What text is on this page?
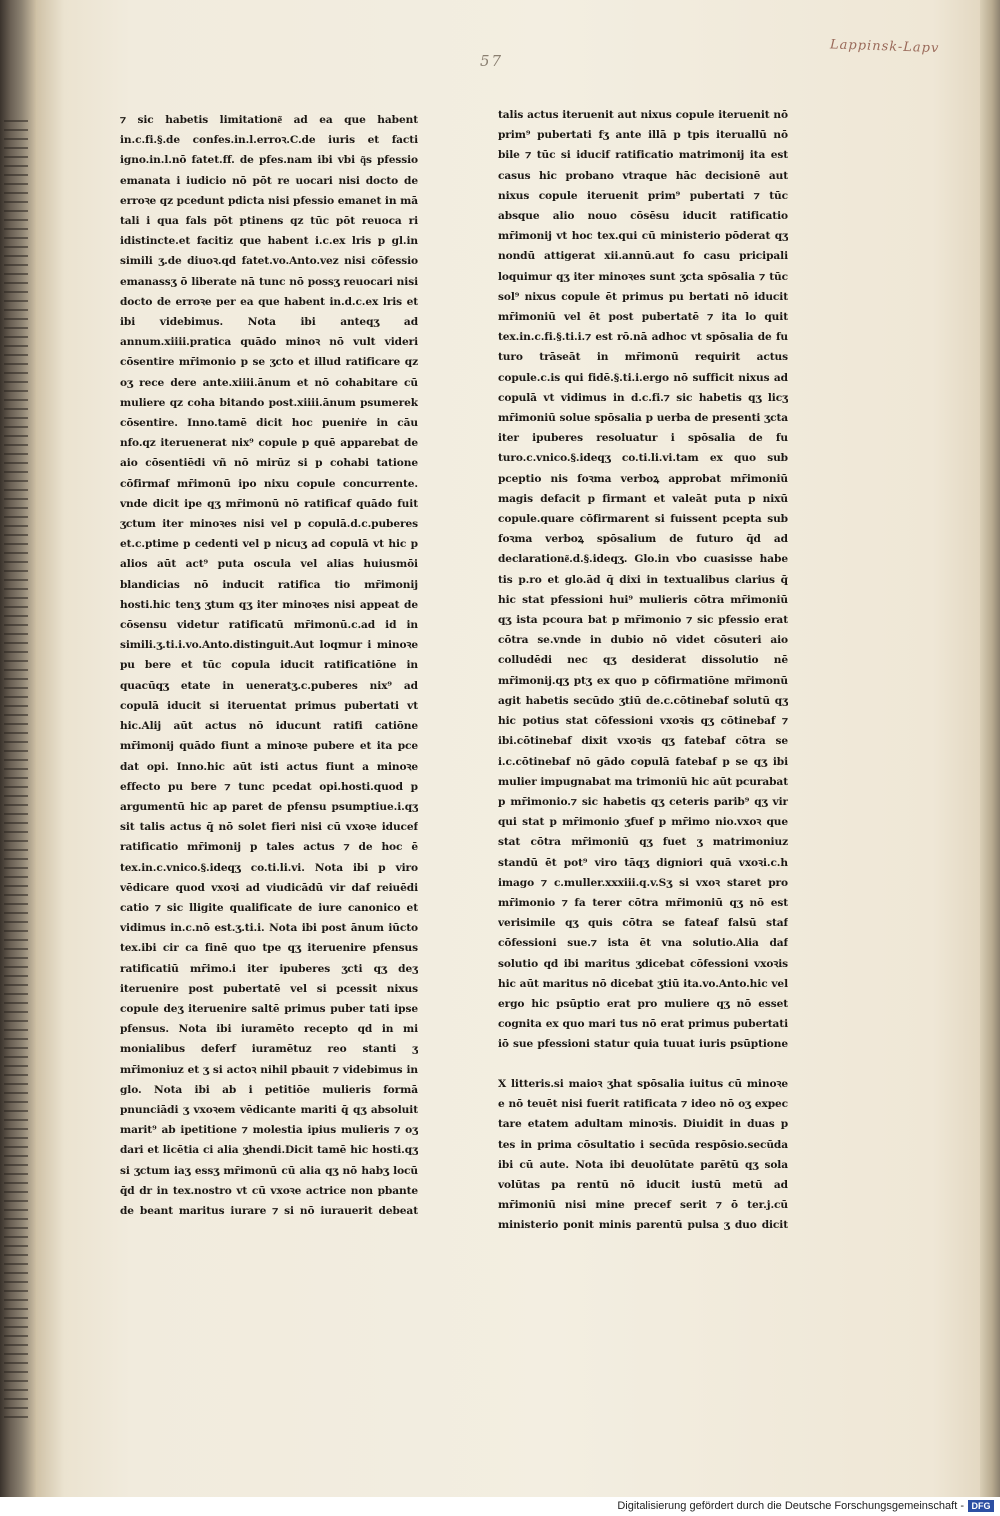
57
Lappinsk-Lapv
⁊ sic habetis limitatione͂ ad ea que habent in.c.fi.§.de confes.in.l.erroꝛ.C.de iuris et facti igno.in.l.nō fatet.ff. de pfes.nam ibi vbi q͂s pfessio emanata i iudicio nō pōt re uocari nisi docto de erroꝛe qz pcedunt pdicta nisi pfessio emanet in mā tali i qua fals pōt ptinens qz tūc pōt reuoca ri idistincte.et facitiz que habent i.c.ex lris p gl.in simili ʒ.de diuoꝛ.qd fatet.vo.Anto.vez nisi cōfessio emanassʒ ō liberate nā tunc nō possʒ reuocari nisi docto de erroꝛe per ea que habent in.d.c.ex lris et ibi videbimus. Nota ibi anteqʒ ad annum.xiiii.pratica quādo minoꝛ nō vult videri cōsentire mr̄imonio p se ʒcto et illud ratificare qz oʒ rece dere ante.xiiii.ānum et nō cohabitare cū muliere qz coha bitando post.xiiii.ānum psumerek cōsentire. Inno.tamē dicit hoc pueniṙe in cāu nfo.qz iteruenerat nix⁹ copule p quē apparebat de aio cōsentiēdi vñ nō mirūz si p cohabi tatione cōfirmaf mr̄imonū ipo nixu copule concurrente. vnde dicit ipe qʒ mr̄imonū nō ratificaf quādo fuit ʒctum iter minoꝛes nisi vel p copulā.d.c.puberes et.c.ptime p cedenti vel p nicuʒ ad copulā vt hic p alios aūt act⁹ puta oscula vel alias huiusmōi blandicias nō inducit ratifica tio mr̄imonij hosti.hic tenʒ ʒtum qʒ iter minoꝛes nisi appeat de cōsensu videtur ratificatū mr̄imonū.c.ad id in simili.ʒ.ti.i.vo.Anto.distinguit.Aut loqmur i minoꝛe pu bere et tūc copula iducit ratificatiōne in quacūqʒ etate in ueneratʒ.c.puberes nix⁹ ad copulā iducit si iteruentat primus pubertati vt hic.Alij aūt actus nō iducunt ratifi catiōne mr̄imonij quādo fiunt a minoꝛe pubere et ita pce dat opi. Inno.hic aūt isti actus fiunt a minoꝛe effecto pu bere ⁊ tunc pcedat opi.hosti.quod p argumentū hic ap paret de pfensu psumptiue.i.qʒ sit talis actus q̄ nō solet fieri nisi cū vxoꝛe iducef ratificatio mr̄imonij p tales actus ⁊ de hoc ē tex.in.c.vnico.§.ideqʒ co.ti.li.vi. Nota ibi p viro vēdicare quod vxoꝛi ad viudicādū vir daf reiuēdi catio ⁊ sic lligite qualificate de iure canonico et vidimus in.c.nō est.ʒ.ti.i. Nota ibi post ānum iūcto tex.ibi cir ca finē quo tpe qʒ iteruenire pfensus ratificatiū mr̄imo.i iter ipuberes ʒcti qʒ deʒ iteruenire post pubertatē vel si pcessit nixus copule deʒ iteruenire saltē primus puber tati ipse pfensus. Nota ibi iuramēto recepto qd in mi monialibus deferf iuramētuz reo stanti ʒ mr̄imoniuz et ʒ si actoꝛ nihil pbauit ⁊ videbimus in glo. Nota ibi ab i petitiōe mulieris formā pnunciādi ʒ vxoꝛem vēdicante mariti q̄ qʒ absoluit marit⁹ ab ipetitione ⁊ molestia ipius mulieris ⁊ oʒ dari et licētia ci alia ʒhendi.Dicit tamē hic hosti.qʒ si ʒctum iaʒ essʒ mr̄imonū cū alia qʒ nō habʒ locū q̄d dr in tex.nostro vt cū vxoꝛe actrice non pbante de beant maritus iurare ⁊ si nō iurauerit debeat
talis actus iteruenit aut nixus copule iteruenit nō prim⁹ pubertati fʒ ante illā p tpis iteruallū nō bile ⁊ tūc si iducif ratificatio matrimonij ita est casus hic probano vtraque hāc decisionē aut nixus copule iteruenit prim⁹ pubertati ⁊ tūc absque alio nouo cōsēsu iducit ratificatio mr̄imonij vt hoc tex.qui cū ministerio pōderat qʒ nondū attigerat xii.annū.aut fo casu pricipali loquimur qʒ iter minoꝛes sunt ʒcta spōsalia ⁊ tūc sol⁹ nixus copule ēt primus pu bertati nō iducit mr̄imoniū vel ēt post pubertatē ⁊ ita lo quit tex.in.c.fi.§.ti.i.⁊ est rō.nā adhoc vt spōsalia de fu turo trāseāt in mr̄imonū requirit actus copule.c.is qui fidē.§.ti.i.ergo nō sufficit nixus ad copulā vt vidimus in d.c.fi.⁊ sic habetis qʒ licʒ mr̄imoniū solue spōsalia p uerba de presenti ʒcta iter ipuberes resoluatur i spōsalia de fu turo.c.vnico.§.ideqʒ co.ti.li.vi.tam ex quo sub pceptio nis foꝛma verboꝝ approbat mr̄imoniū magis defacit p firmant et valeāt puta p nixū copule.quare cōfirmarent si fuissent pcepta sub foꝛma verboꝝ spōsalium de futuro q̄d ad declaratione͂.d.§.ideqʒ. Glo.in vbo cuasisse habe tis p.ro et glo.ād q̄ dixi in textualibus clarius q̄ hic stat pfessioni hui⁹ mulieris cōtra mr̄imoniū qʒ ista pcoura bat p mr̄imonio ⁊ sic pfessio erat cōtra se.vnde in dubio nō videt cōsuteri aio colludēdi nec qʒ desiderat dissolutio nē mr̄imonij.qʒ ptʒ ex quo p cōfirmatiōne mr̄imonū agit habetis secūdo ʒtiū de.c.cōtinebaf solutū qʒ hic potius stat cōfessioni vxoꝛis qʒ cōtinebaf ⁊ ibi.cōtinebaf dixit vxoꝛis qʒ fatebaf cōtra se i.c.cōtinebaf nō gādo copulā fatebaf p se qʒ ibi mulier impugnabat ma trimoniū hic aūt pcurabat p mr̄imonio.⁊ sic habetis qʒ ceteris parib⁹ qʒ vir qui stat p mr̄imonio ʒfuef p mr̄imo nio.vxoꝛ que stat cōtra mr̄imoniū qʒ fuet ʒ matrimoniuz standū ēt pot⁹ viro tāqʒ digniori quā vxoꝛi.c.h imago ⁊ c.muller.xxxiii.q.v.Sʒ si vxoꝛ staret pro mr̄imonio ⁊ fa terer cōtra mr̄imoniū qʒ nō est verisimile qʒ quis cōtra se fateaf falsū staf cōfessioni sue.⁊ ista ēt vna solutio.Alia daf solutio qd ibi maritus ʒdicebat cōfessioni vxoꝛis hic aūt maritus nō dicebat ʒtiū ita.vo.Anto.hic vel ergo hic psūptio erat pro muliere qʒ nō esset cognita ex quo mari tus nō erat primus pubertati iō sue pfessioni statur quia tuuat iuris psūptione
X litteris.si maioꝛ ʒhat spōsalia iuitus cū minoꝛe e nō teuēt nisi fuerit ratificata ⁊ ideo nō oʒ expec tare etatem adultam minoꝛis. Diuidit in duas p tes in prima cōsultatio i secūda respōsio.secūda ibi cū aute. Nota ibi deuolūtate parētū qʒ sola volūtas pa rentū nō iducit iustū metū ad mr̄imoniū nisi mine precef serit ⁊ ō ter.j.cū ministerio ponit minis parentū pulsa ʒ duo dicit
Digitalisierung gefördert durch die Deutsche Forschungsgemeinschaft - DFG
